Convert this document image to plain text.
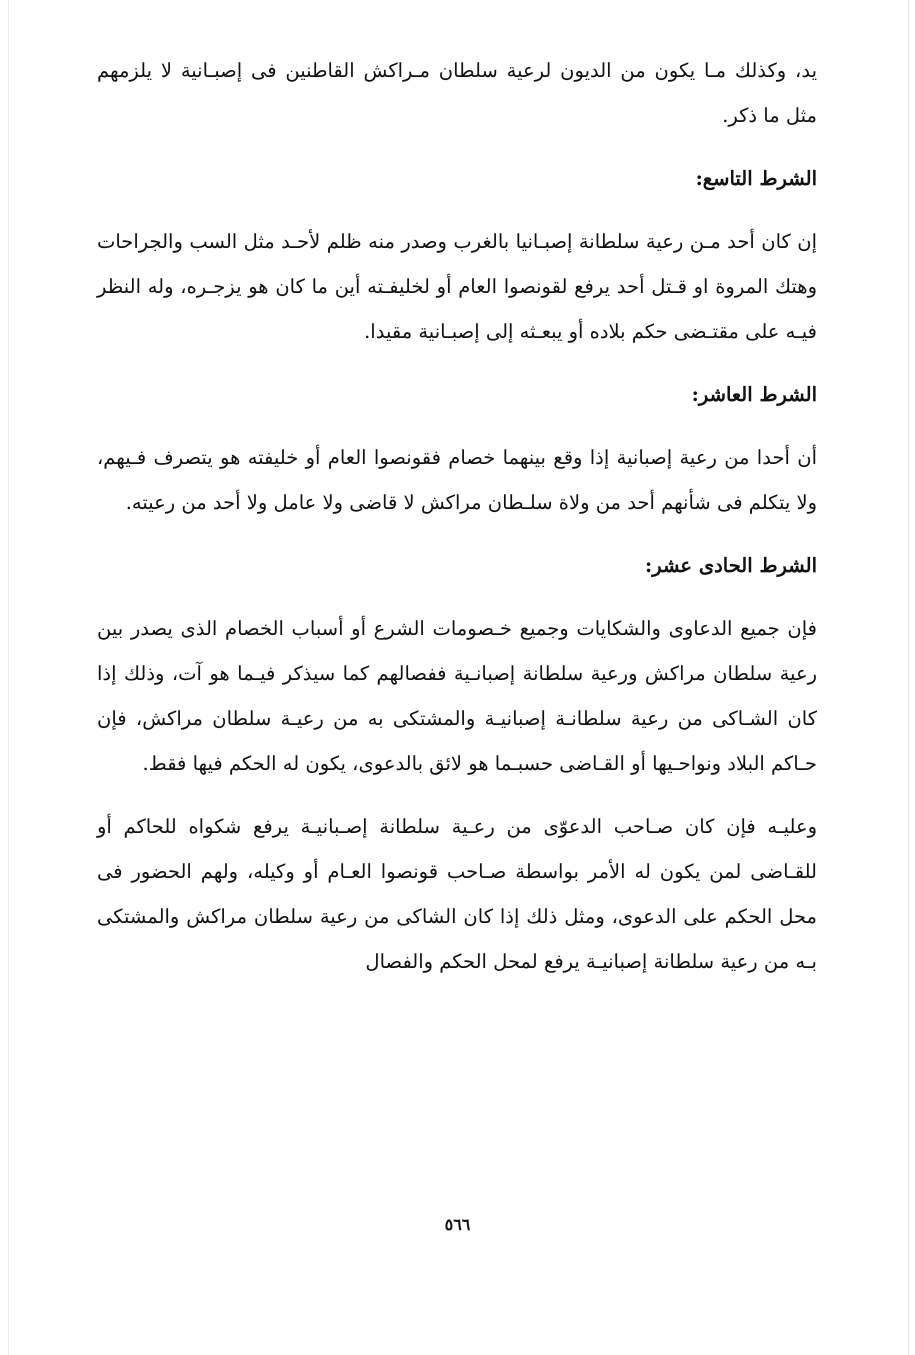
يد، وكذلك مـا يكون من الديون لرعية سلطان مـراكش القاطنين فى إصبـانية لا يلزمهم مثل ما ذكر.

الشرط التاسع:

إن كان أحد مـن رعية سلطانة إصبـانيا بالغرب وصدر منه ظلم لأحـد مثل السب والجراحات وهتك المروة او قـتل أحد يرفع لقونصوا العام أو لخليفـته أين ما كان هو يزجـره، وله النظر فيـه على مقتـضى حكم بلاده أو يبعـثه إلى إصبـانية مقيدا.

الشرط العاشر:

أن أحدا من رعية إصبانية إذا وقع بينهما خصام فقونصوا العام أو خليفته هو يتصرف فـيهم، ولا يتكلم فى شأنهم أحد من ولاة سلـطان مراكش لا قاضى ولا عامل ولا أحد من رعيته.

الشرط الحادى عشر:

فإن جميع الدعاوى والشكايات وجميع خـصومات الشرع أو أسباب الخصام الذى يصدر بين رعية سلطان مراكش ورعية سلطانة إصبانـية ففصالهم كما سيذكر فيـما هو آت، وذلك إذا كان الشـاكى من رعية سلطانـة إصبانيـة والمشتكى به من رعيـة سلطان مراكش، فإن حـاكم البلاد ونواحـيها أو القـاضى حسبـما هو لائق بالدعوى، يكون له الحكم فيها فقط.

وعليـه فإن كان صـاحب الدعوّى من رعـية سلطانة إصـبانيـة يرفع شكواه للحاكم أو للقـاضى لمن يكون له الأمر بواسطة صـاحب قونصوا العـام أو وكيله، ولهم الحضور فى محل الحكم على الدعوى، ومثل ذلك إذا كان الشاكى من رعية سلطان مراكش والمشتكى بـه من رعية سلطانة إصبانيـة يرفع لمحل الحكم والفصال

٥٦٦
